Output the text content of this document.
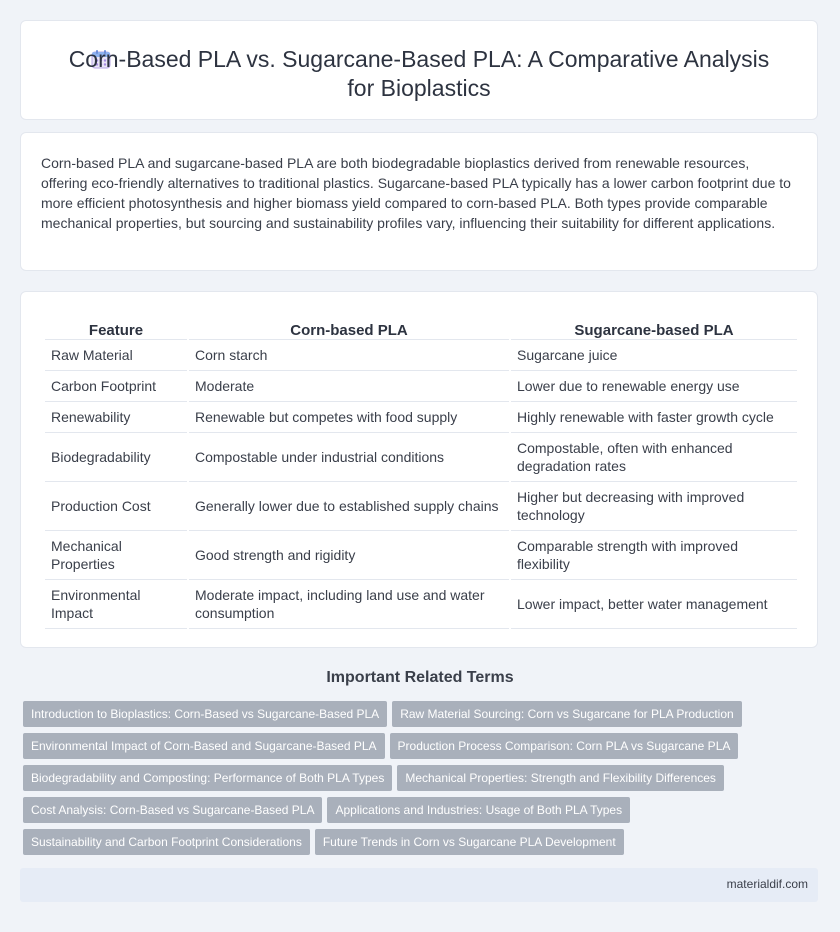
Corn-Based PLA vs. Sugarcane-Based PLA: A Comparative Analysis for Bioplastics

Corn-based PLA and sugarcane-based PLA are both biodegradable bioplastics derived from renewable resources, offering eco-friendly alternatives to traditional plastics. Sugarcane-based PLA typically has a lower carbon footprint due to more efficient photosynthesis and higher biomass yield compared to corn-based PLA. Both types provide comparable mechanical properties, but sourcing and sustainability profiles vary, influencing their suitability for different applications.

Feature	Corn-based PLA	Sugarcane-based PLA
Raw Material	Corn starch	Sugarcane juice
Carbon Footprint	Moderate	Lower due to renewable energy use
Renewability	Renewable but competes with food supply	Highly renewable with faster growth cycle
Biodegradability	Compostable under industrial conditions	Compostable, often with enhanced degradation rates
Production Cost	Generally lower due to established supply chains	Higher but decreasing with improved technology
Mechanical Properties	Good strength and rigidity	Comparable strength with improved flexibility
Environmental Impact	Moderate impact, including land use and water consumption	Lower impact, better water management
Important Related Terms
Introduction to Bioplastics: Corn-Based vs Sugarcane-Based PLA Raw Material Sourcing: Corn vs Sugarcane for PLA Production
Environmental Impact of Corn-Based and Sugarcane-Based PLA Production Process Comparison: Corn PLA vs Sugarcane PLA
Biodegradability and Composting: Performance of Both PLA Types Mechanical Properties: Strength and Flexibility Differences
Cost Analysis: Corn-Based vs Sugarcane-Based PLA Applications and Industries: Usage of Both PLA Types
Sustainability and Carbon Footprint Considerations Future Trends in Corn vs Sugarcane PLA Development
materialdif.com
